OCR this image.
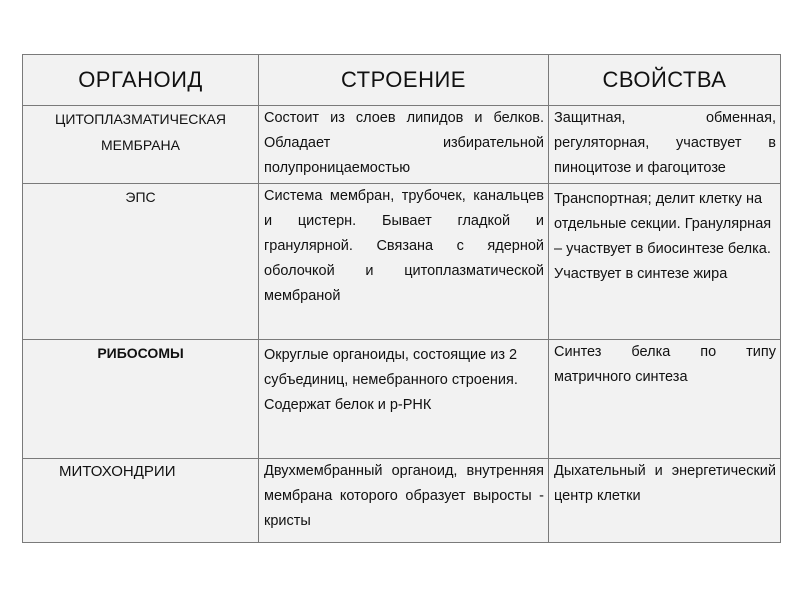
ОРГАНОИД	СТРОЕНИЕ	СВОЙСТВА
ЦИТОПЛАЗМАТИЧЕСКАЯ МЕМБРАНА	Состоит из слоев липидов и белков. Обладает избирательной полупроницаемостью	Защитная, обменная, регуляторная, участвует в пиноцитозе и фагоцитозе
ЭПС	Система мембран, трубочек, канальцев и цистерн. Бывает гладкой и гранулярной. Связана с ядерной оболочкой и цитоплазматической мембраной	Транспортная; делит клетку на отдельные секции. Гранулярная – участвует в биосинтезе белка. Участвует в синтезе жира
РИБОСОМЫ	Округлые органоиды, состоящие из 2 субъединиц, немебранного строения. Содержат белок и р-РНК	Синтез белка по типу матричного синтеза
МИТОХОНДРИИ	Двухмембранный органоид, внутренняя мембрана которого образует выросты - кристы	Дыхательный и энергетический центр клетки
